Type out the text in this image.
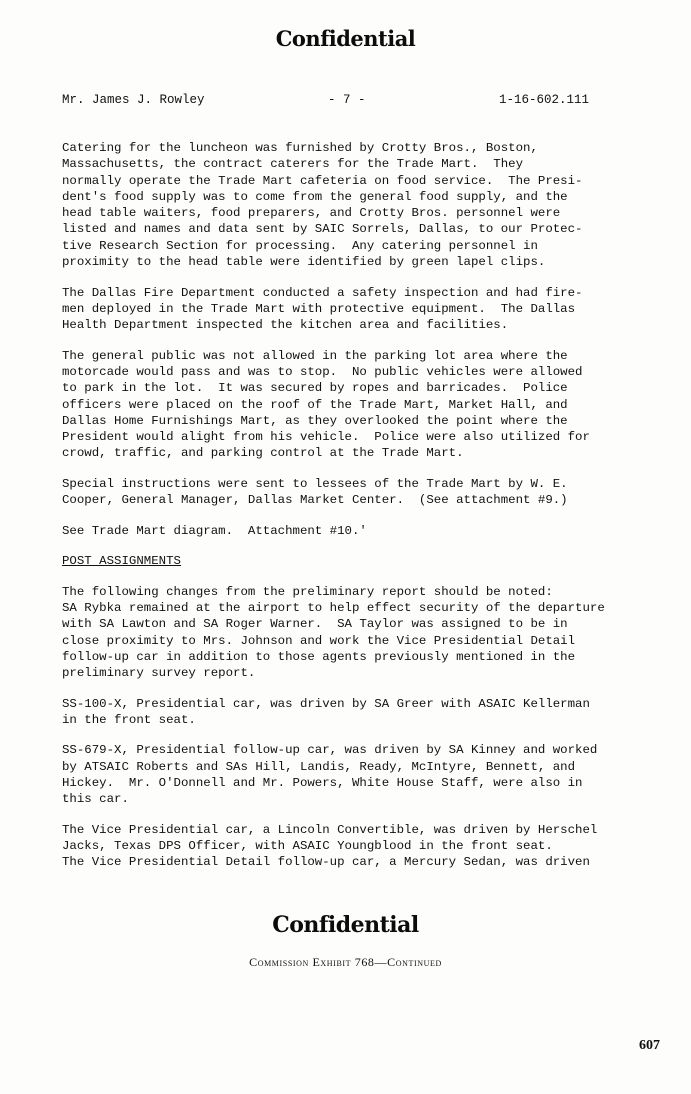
Confidential
Mr. James J. Rowley	- 7 -	1-16-602.111

Catering for the luncheon was furnished by Crotty Bros., Boston,
Massachusetts, the contract caterers for the Trade Mart.  They
normally operate the Trade Mart cafeteria on food service.  The Presi-
dent's food supply was to come from the general food supply, and the
head table waiters, food preparers, and Crotty Bros. personnel were
listed and names and data sent by SAIC Sorrels, Dallas, to our Protec-
tive Research Section for processing.  Any catering personnel in
proximity to the head table were identified by green lapel clips.

The Dallas Fire Department conducted a safety inspection and had fire-
men deployed in the Trade Mart with protective equipment.  The Dallas
Health Department inspected the kitchen area and facilities.

The general public was not allowed in the parking lot area where the
motorcade would pass and was to stop.  No public vehicles were allowed
to park in the lot.  It was secured by ropes and barricades.  Police
officers were placed on the roof of the Trade Mart, Market Hall, and
Dallas Home Furnishings Mart, as they overlooked the point where the
President would alight from his vehicle.  Police were also utilized for
crowd, traffic, and parking control at the Trade Mart.

Special instructions were sent to lessees of the Trade Mart by W. E.
Cooper, General Manager, Dallas Market Center.  (See attachment #9.)

See Trade Mart diagram.  Attachment #10.'

POST ASSIGNMENTS

The following changes from the preliminary report should be noted:
SA Rybka remained at the airport to help effect security of the departure
with SA Lawton and SA Roger Warner.  SA Taylor was assigned to be in
close proximity to Mrs. Johnson and work the Vice Presidential Detail
follow-up car in addition to those agents previously mentioned in the
preliminary survey report.

SS-100-X, Presidential car, was driven by SA Greer with ASAIC Kellerman
in the front seat.

SS-679-X, Presidential follow-up car, was driven by SA Kinney and worked
by ATSAIC Roberts and SAs Hill, Landis, Ready, McIntyre, Bennett, and
Hickey.  Mr. O'Donnell and Mr. Powers, White House Staff, were also in
this car.

The Vice Presidential car, a Lincoln Convertible, was driven by Herschel
Jacks, Texas DPS Officer, with ASAIC Youngblood in the front seat.
The Vice Presidential Detail follow-up car, a Mercury Sedan, was driven

Confidential
Commission Exhibit 768—Continued
607
